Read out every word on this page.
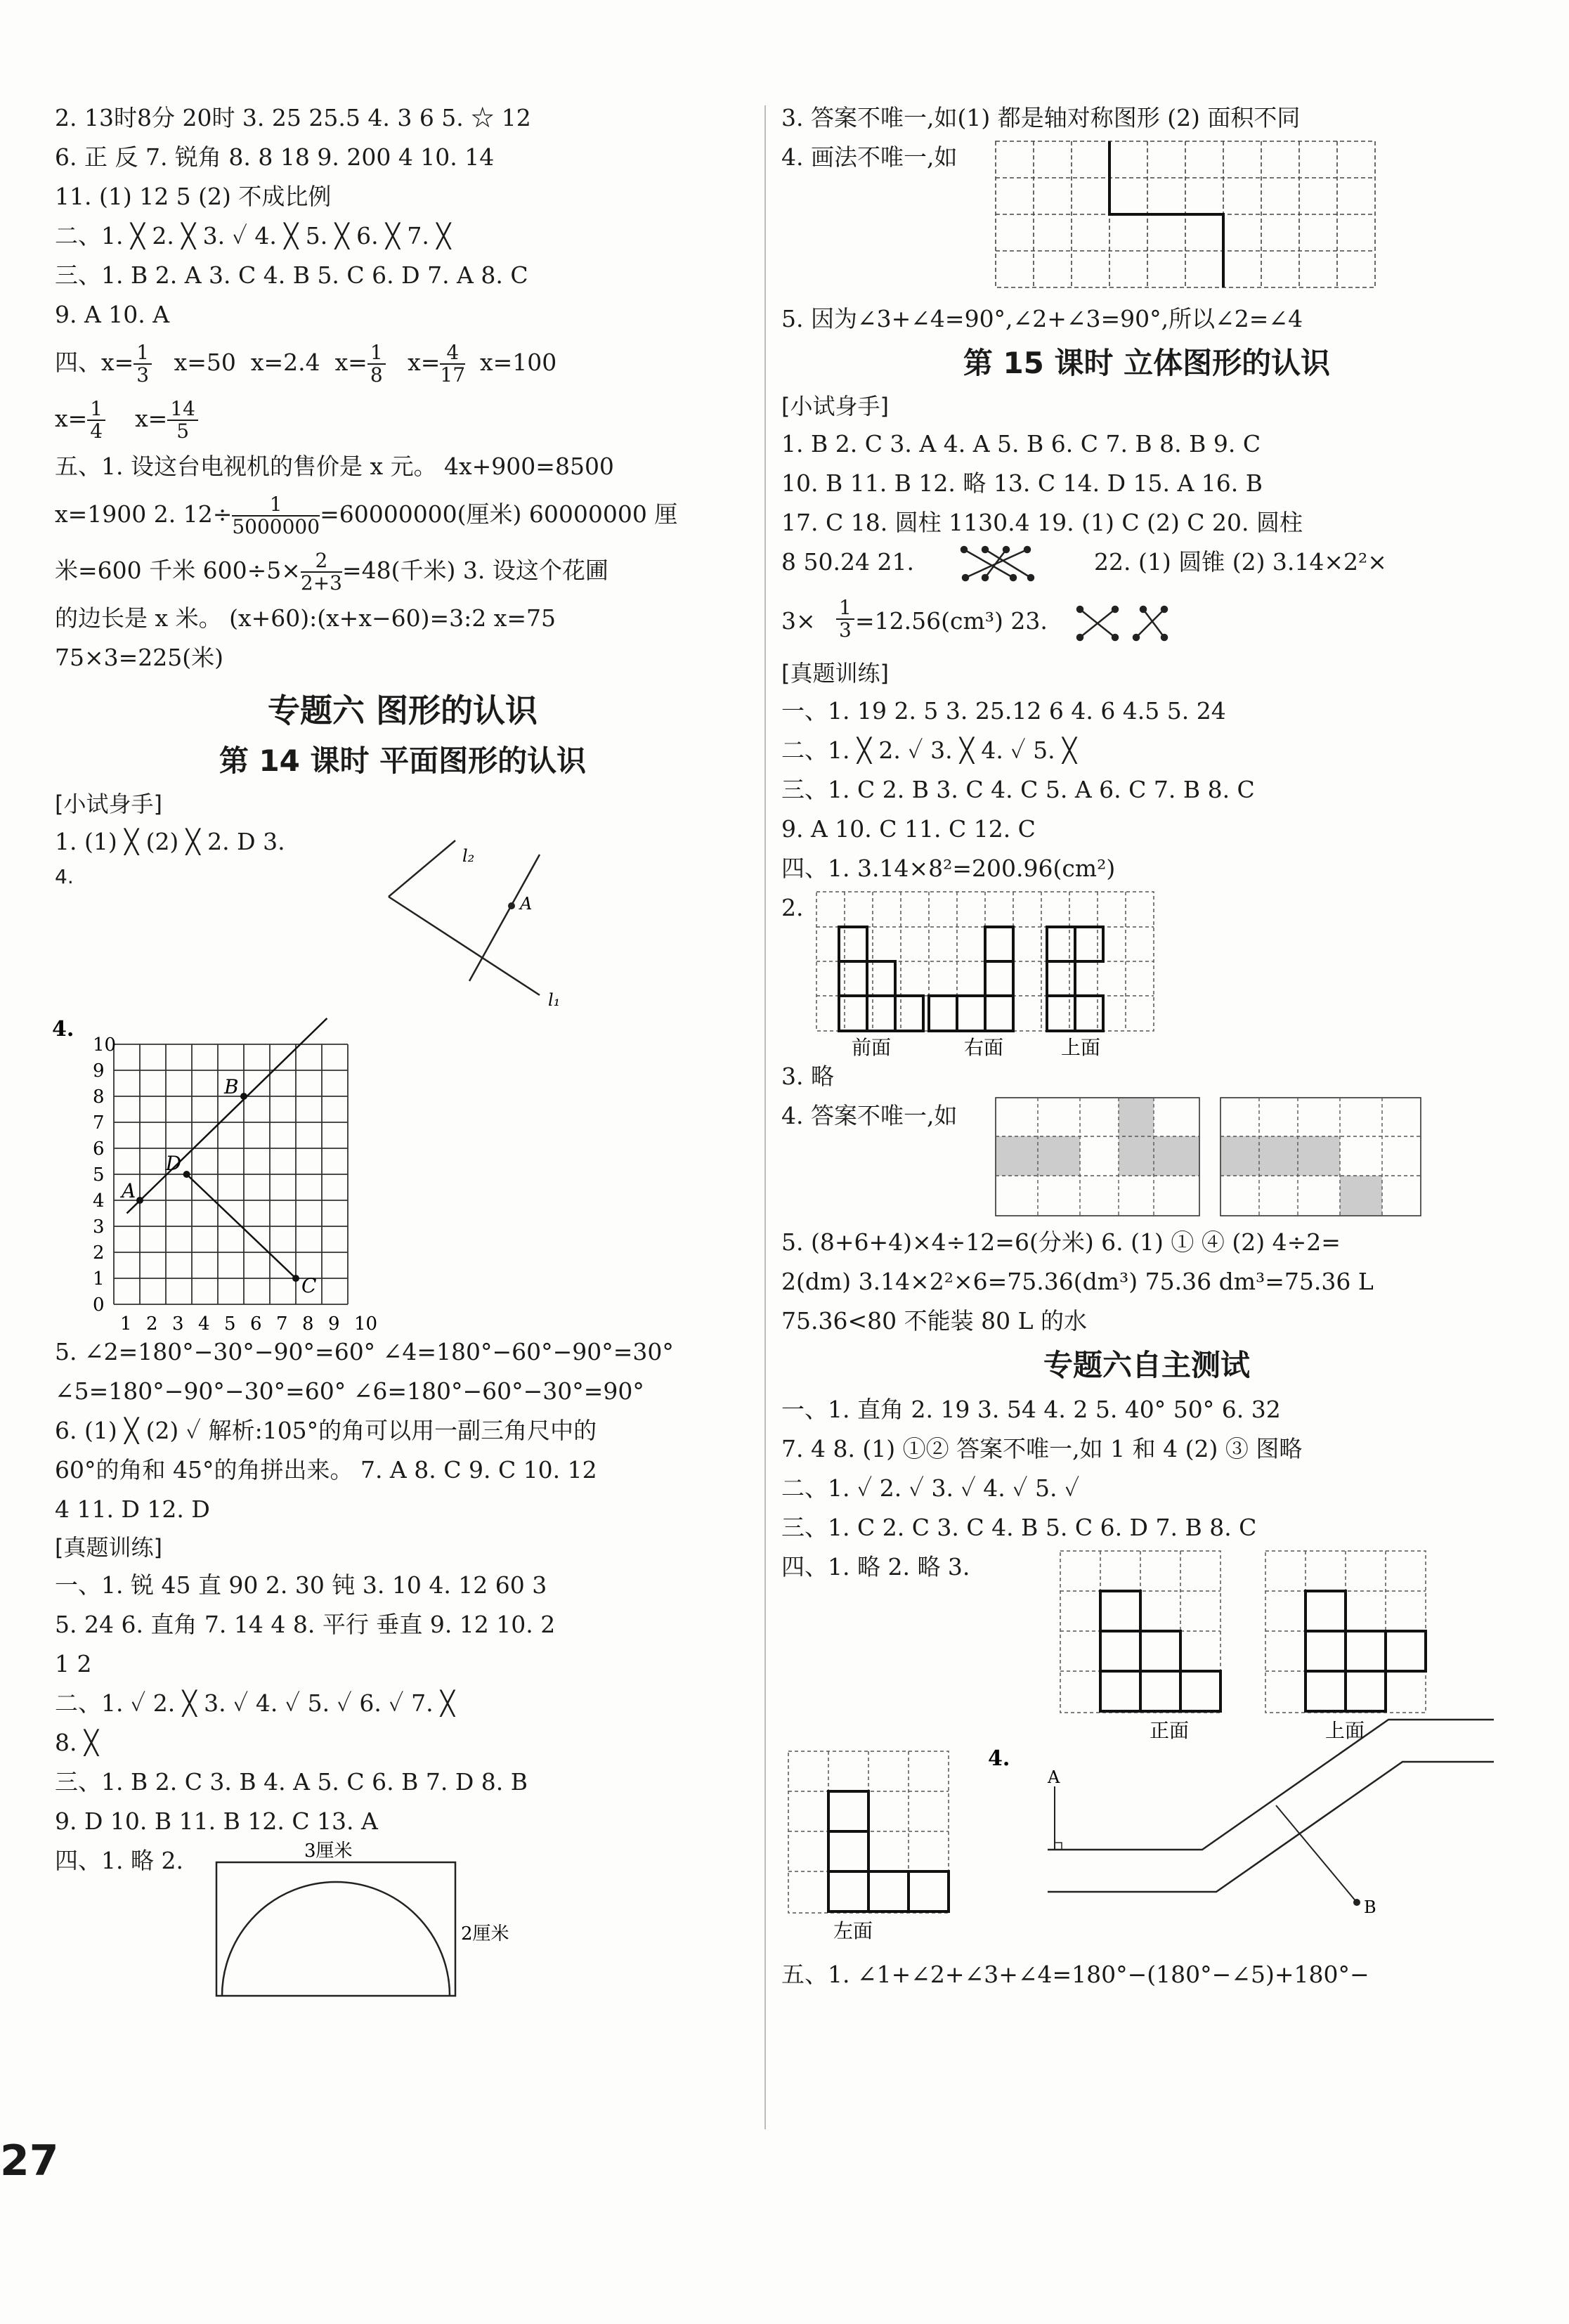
2. 13时8分 20时 3. 25 25.5 4. 3 6 5. ☆ 12
6. 正 反 7. 锐角 8. 8 18 9. 200 4 10. 14
11. (1) 12 5 (2) 不成比例
二、1. ╳ 2. ╳ 3. ✓ 4. ╳ 5. ╳ 6. ╳ 7. ╳
三、1. B 2. A 3. C 4. B 5. C 6. D 7. A 8. C
9. A 10. A
四、$x= \frac{1}{3} x=50$ x=2.4 $x= \frac{1}{8} x= \frac{4}{17} x=100$
$x= \frac{1}{4} x= \frac{14}{5}$
五、1. 设这台电视机的售价是 x 元。 4x+900=8500
x=1900 2. $12\div \frac{1}{5000000} =60000000$(厘米) 60000000 厘
米=600 千米 $600\div 5\times \frac{2}{2+3} =48$(千米) 3. 设这个花圃
的边长是 x 米。 (x+60):(x+x−60)=3:2 x=75
75×3=225(米)
专题六 图形的认识
第 14 课时 平面图形的认识
[小试身手]
1. (1) ╳ (2) ╳ 2. D 3.
l₂
l₁
A
4.
4.
10
9
8
7
6
5
4
3
2
1
0
1 2 3 4 5 6 7 8 9 10
A
B
C
D
5. ∠2=180°−30°−90°=60° ∠4=180°−60°−90°=30°
∠5=180°−90°−30°=60° ∠6=180°−60°−30°=90°
6. (1) ╳ (2) ✓ 解析:105°的角可以用一副三角尺中的
60°的角和 45°的角拼出来。 7. A 8. C 9. C 10. 12
4 11. D 12. D
[真题训练]
一、1. 锐 45 直 90 2. 30 钝 3. 10 4. 12 60 3
5. 24 6. 直角 7. 14 4 8. 平行 垂直 9. 12 10. 2
1 2
二、1. ✓ 2. ╳ 3. ✓ 4. ✓ 5. ✓ 6. ✓ 7. ╳
8. ╳
三、1. B 2. C 3. B 4. A 5. C 6. B 7. D 8. B
9. D 10. B 11. B 12. C 13. A
四、1. 略 2.	3厘米
2厘米
3. 答案不唯一,如(1) 都是轴对称图形 (2) 面积不同
4. 画法不唯一,如
5. 因为∠3+∠4=90°,∠2+∠3=90°,所以∠2=∠4
第 15 课时 立体图形的认识
[小试身手]
1. B 2. C 3. A 4. A 5. B 6. C 7. B 8. B 9. C
10. B 11. B 12. 略 13. C 14. D 15. A 16. B
17. C 18. 圆柱 1130.4 19. (1) C (2) C 20. 圆柱
8 50.24 21.	22. (1) 圆锥 (2) 3.14×2²×
$3\times \frac{1}{3} =12.56(cm^3)$ 23.
[真题训练]
一、1. 19 2. 5 3. 25.12 6 4. 6 4.5 5. 24
二、1. ╳ 2. ✓ 3. ╳ 4. ✓ 5. ╳
三、1. C 2. B 3. C 4. C 5. A 6. C 7. B 8. C
9. A 10. C 11. C 12. C
四、1. 3.14×8²=200.96(cm²)
2.
前面	右面	上面
3. 略
4. 答案不唯一,如
5. (8+6+4)×4÷12=6(分米) 6. (1) ① ④ (2) 4÷2=
2(dm) 3.14×2²×6=75.36(dm³) 75.36 dm³=75.36 L
75.36<80 不能装 80 L 的水
专题六自主测试
一、1. 直角 2. 19 3. 54 4. 2 5. 40° 50° 6. 32
7. 4 8. (1) ①② 答案不唯一,如 1 和 4 (2) ③ 图略
二、1. ✓ 2. ✓ 3. ✓ 4. ✓ 5. ✓
三、1. C 2. C 3. C 4. B 5. C 6. D 7. B 8. C
四、1. 略 2. 略 3.
正面	上面
左面
4.
A
B
五、1. ∠1+∠2+∠3+∠4=180°−(180°−∠5)+180°−
27
